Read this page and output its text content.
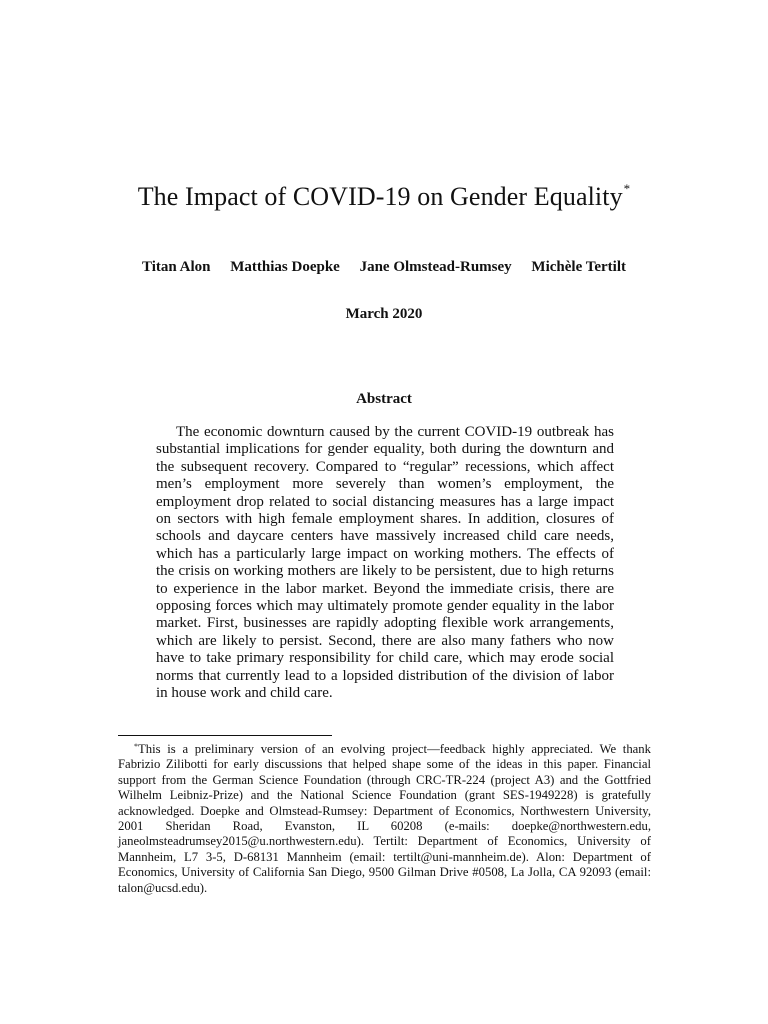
The Impact of COVID-19 on Gender Equality*
Titan Alon Matthias Doepke Jane Olmstead-Rumsey Michèle Tertilt
March 2020
Abstract

The economic downturn caused by the current COVID-19 outbreak has substantial implications for gender equality, both during the downturn and the subsequent recovery. Compared to “regular” recessions, which affect men’s employment more severely than women’s employment, the employment drop related to social distancing measures has a large impact on sectors with high female employment shares. In addition, closures of schools and daycare centers have massively increased child care needs, which has a particularly large impact on working mothers. The effects of the crisis on working mothers are likely to be persistent, due to high returns to experience in the labor market. Beyond the immediate crisis, there are opposing forces which may ultimately promote gender equality in the labor market. First, businesses are rapidly adopting flexible work arrangements, which are likely to persist. Second, there are also many fathers who now have to take primary responsibility for child care, which may erode social norms that currently lead to a lopsided distribution of the division of labor in house work and child care.

*This is a preliminary version of an evolving project—feedback highly appreciated. We thank Fabrizio Zilibotti for early discussions that helped shape some of the ideas in this paper. Financial support from the German Science Foundation (through CRC-TR-224 (project A3) and the Gottfried Wilhelm Leibniz-Prize) and the National Science Foundation (grant SES-1949228) is gratefully acknowledged. Doepke and Olmstead-Rumsey: Department of Economics, Northwestern University, 2001 Sheridan Road, Evanston, IL 60208 (e-mails: doepke@northwestern.edu, janeolmsteadrumsey2015@u.northwestern.edu). Tertilt: Department of Economics, University of Mannheim, L7 3-5, D-68131 Mannheim (email: tertilt@uni-mannheim.de). Alon: Department of Economics, University of California San Diego, 9500 Gilman Drive #0508, La Jolla, CA 92093 (email: talon@ucsd.edu).
